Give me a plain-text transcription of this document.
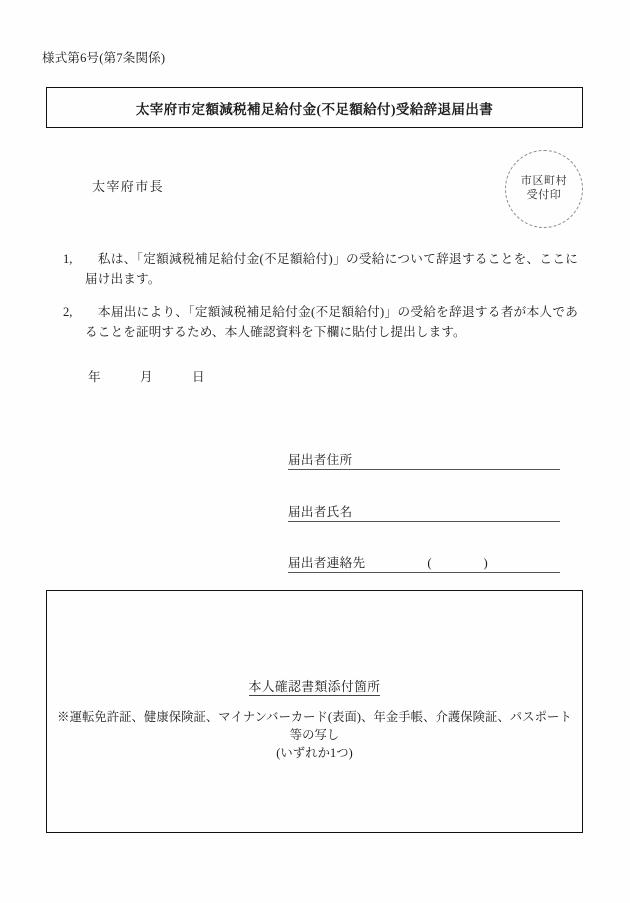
様式第6号(第7条関係)
太宰府市定額減税補足給付金(不足額給付)受給辞退届出書
太宰府市長	市区町村
受付印
1, 　私は、「定額減税補足給付金(不足額給付)」の受給について辞退することを、ここに届け出ます。
2, 　本届出により、「定額減税補足給付金(不足額給付)」の受給を辞退する者が本人であることを証明するため、本人確認資料を下欄に貼付し提出します。
年　　　月　　　日
届出者住所
届出者氏名
届出者連絡先	(　　　　)
本人確認書類添付箇所
※運転免許証、健康保険証、マイナンバーカード(表面)、年金手帳、介護保険証、パスポート等の写し
(いずれか1つ)
